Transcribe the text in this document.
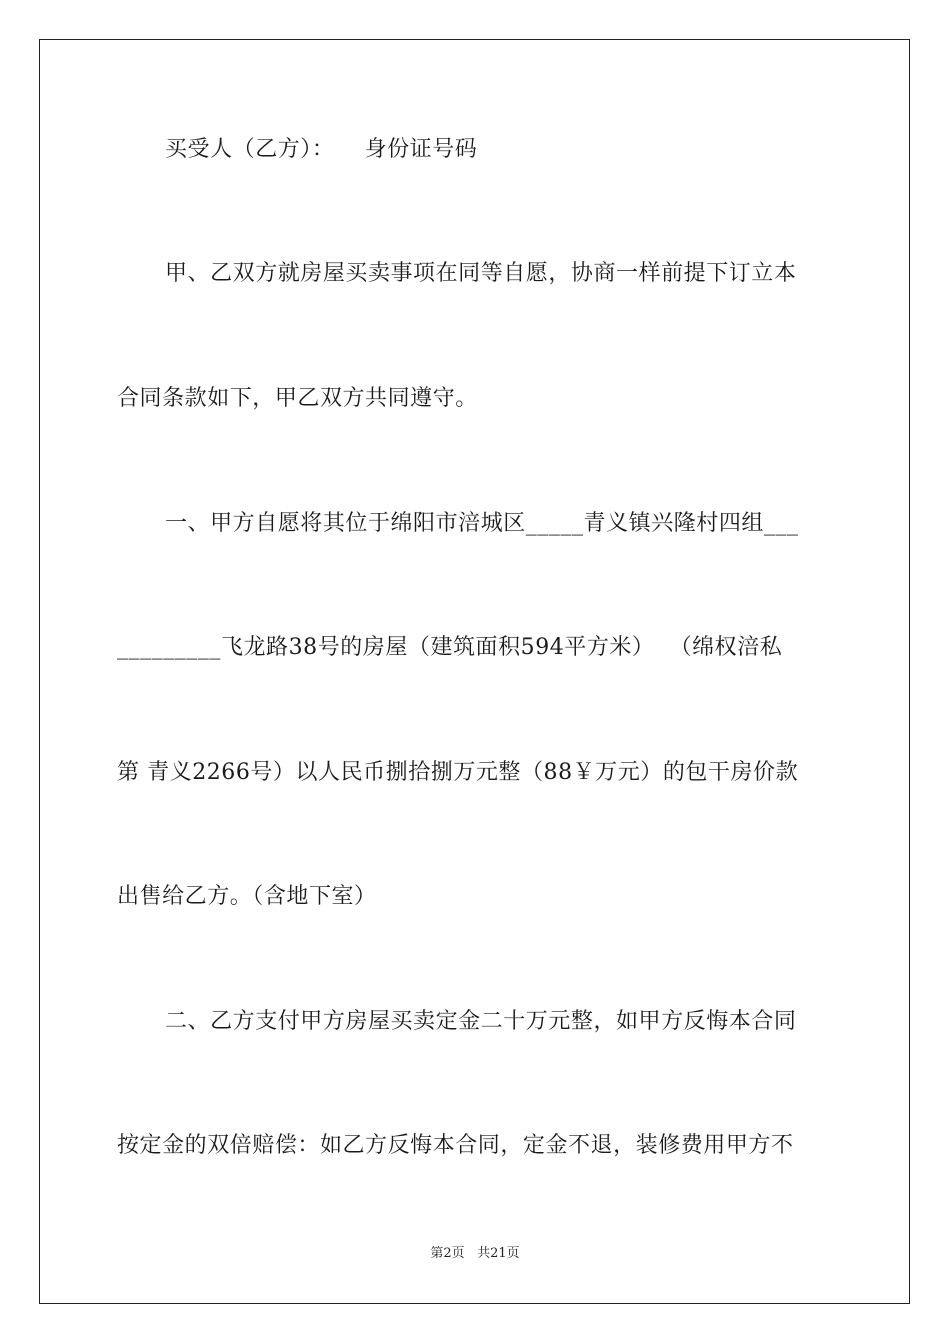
买受人（乙方）：    身份证号码
甲、乙双方就房屋买卖事项在同等自愿，协商一样前提下订立本
合同条款如下，甲乙双方共同遵守。
一、甲方自愿将其位于绵阳市涪城区_____青义镇兴隆村四组___
_________飞龙路38号的房屋（建筑面积594平方米）  （绵权涪私
第 青义2266号）以人民币捌拾捌万元整（88￥万元）的包干房价款
出售给乙方。（含地下室）
二、乙方支付甲方房屋买卖定金二十万元整，如甲方反悔本合同
按定金的双倍赔偿：如乙方反悔本合同，定金不退，装修费用甲方不
第2页 共21页
